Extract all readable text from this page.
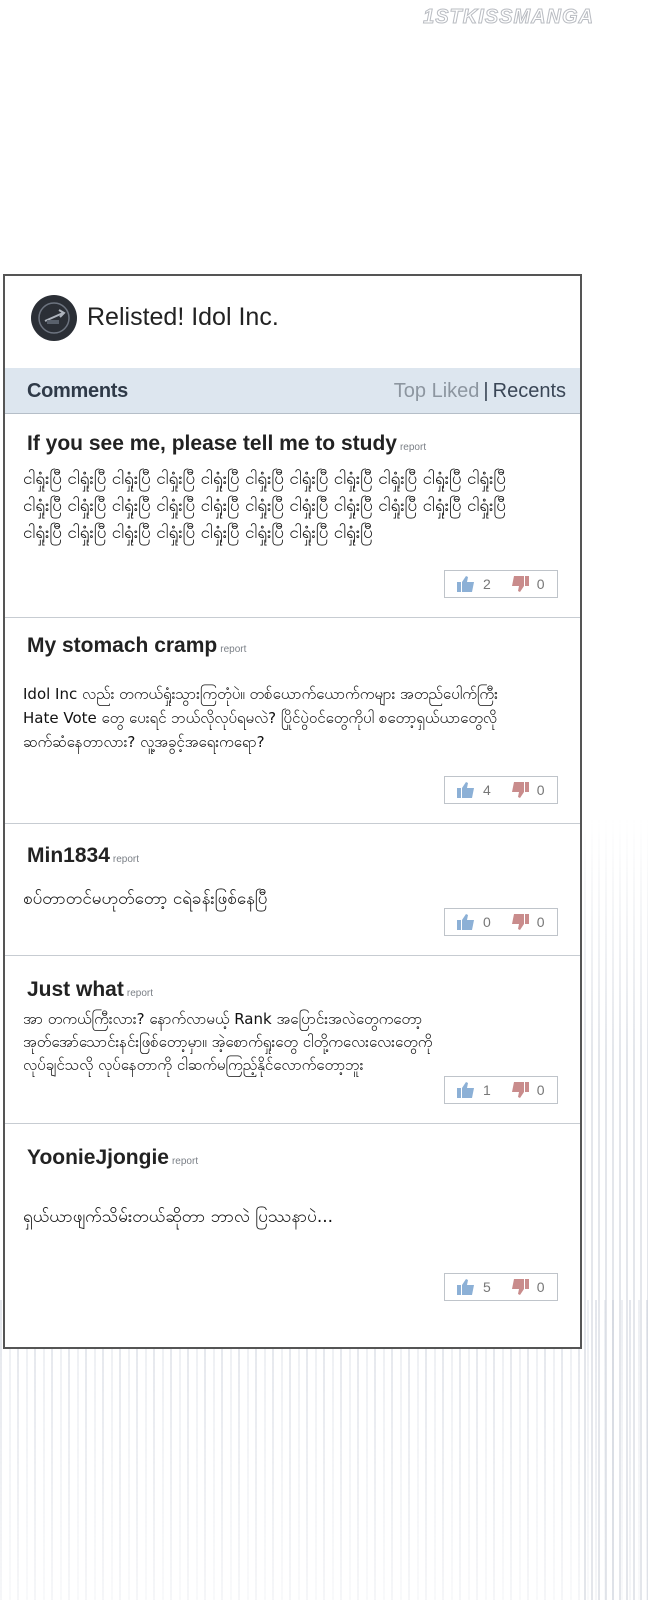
1STKISSMANGA
Relisted! Idol Inc.
Comments	Top Liked | Recents
If you see me, please tell me to study report
ငါရှုံးပြီ ငါရှုံးပြီ ငါရှုံးပြီ ငါရှုံးပြီ ငါရှုံးပြီ ငါရှုံးပြီ ငါရှုံးပြီ ငါရှုံးပြီ ငါရှုံးပြီ ငါရှုံးပြီ ငါရှုံးပြီ ငါရှုံးပြီ ငါရှုံးပြီ ငါရှုံးပြီ ငါရှုံးပြီ ငါရှုံးပြီ ငါရှုံးပြီ ငါရှုံးပြီ ငါရှုံးပြီ ငါရှုံးပြီ ငါရှုံးပြီ ငါရှုံးပြီ ငါရှုံးပြီ ငါရှုံးပြီ ငါရှုံးပြီ ငါရှုံးပြီ ငါရှုံးပြီ ငါရှုံးပြီ ငါရှုံးပြီ ငါရှုံးပြီ
2	0
My stomach cramp report
Idol Inc လည်း တကယ်ရှုံးသွားကြတုံပဲ။ တစ်ယောက်ယောက်ကများ အတည်ပေါက်ကြီး Hate Vote တွေ ပေးရင် ဘယ်လိုလုပ်ရမလဲ? ပြိုင်ပွဲဝင်တွေကိုပါ စတော့ရှယ်ယာတွေလို ဆက်ဆံနေတာလား? လူ့အခွင့်အရေးကရော?
4	0
Min1834 report
စပ်တာတင်မဟုတ်တော့ ငရဲခန်းဖြစ်နေပြီ
0	0
Just what report
အာ တကယ်ကြီးလား? နောက်လာမယ့် Rank အပြောင်းအလဲတွေကတော့ အုတ်အော်သောင်းနင်းဖြစ်တော့မှာ။ အဲ့စောက်ရှုးတွေ ငါတို့ကလေးလေးတွေကို လုပ်ချင်သလို လုပ်နေတာကို ငါဆက်မကြည့်နိုင်လောက်တော့ဘူး
1	0
YoonieJjongie report
ရှယ်ယာဖျက်သိမ်းတယ်ဆိုတာ ဘာလဲ ပြဿနာပဲ...
5	0
